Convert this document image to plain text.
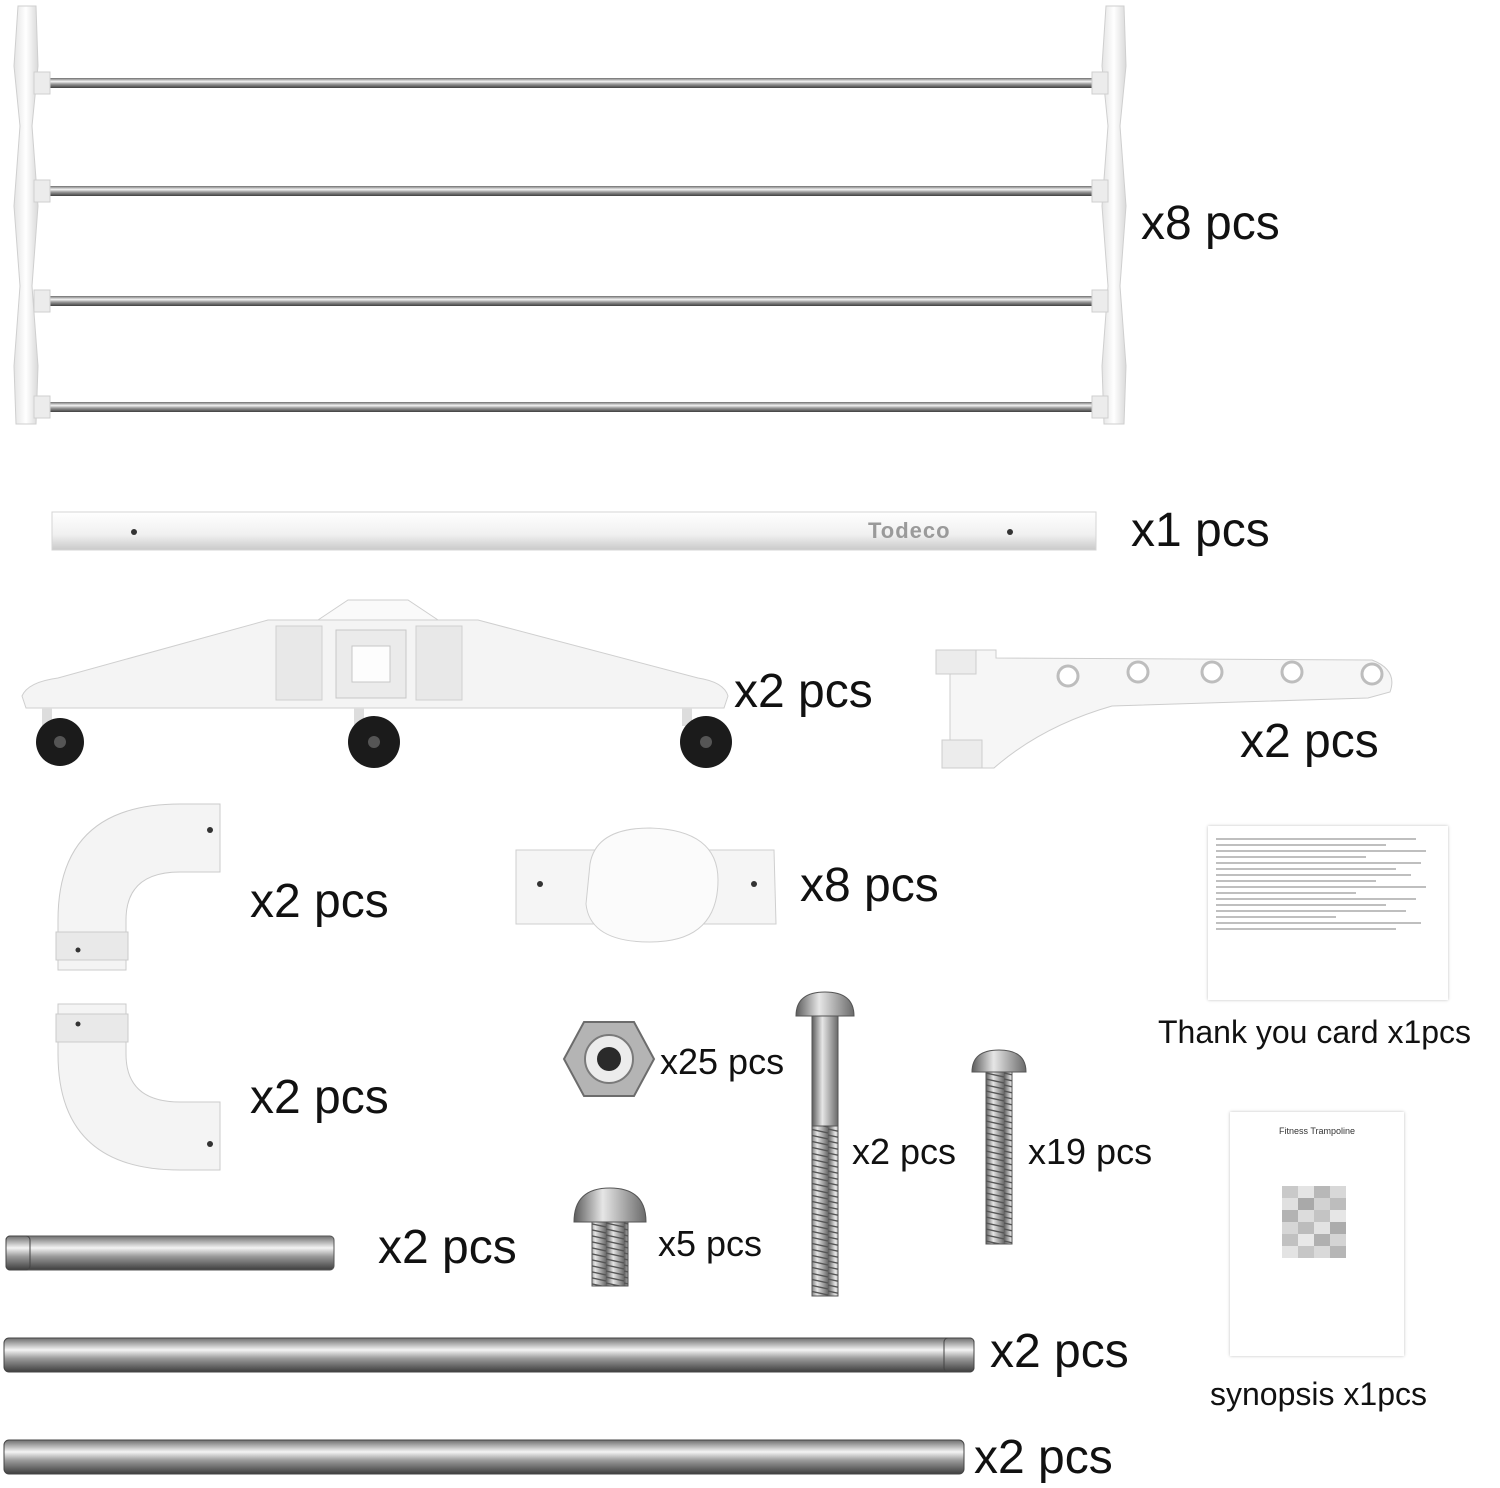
x8 pcs
Todeco	x1 pcs
x2 pcs
x2 pcs
x2 pcs	x8 pcs
Thank you card x1pcs
x2 pcs
x25 pcs
x2 pcs x19 pcs	Fitness Trampoline
x2 pcs	x5 pcs
x2 pcs
synopsis x1pcs
x2 pcs
